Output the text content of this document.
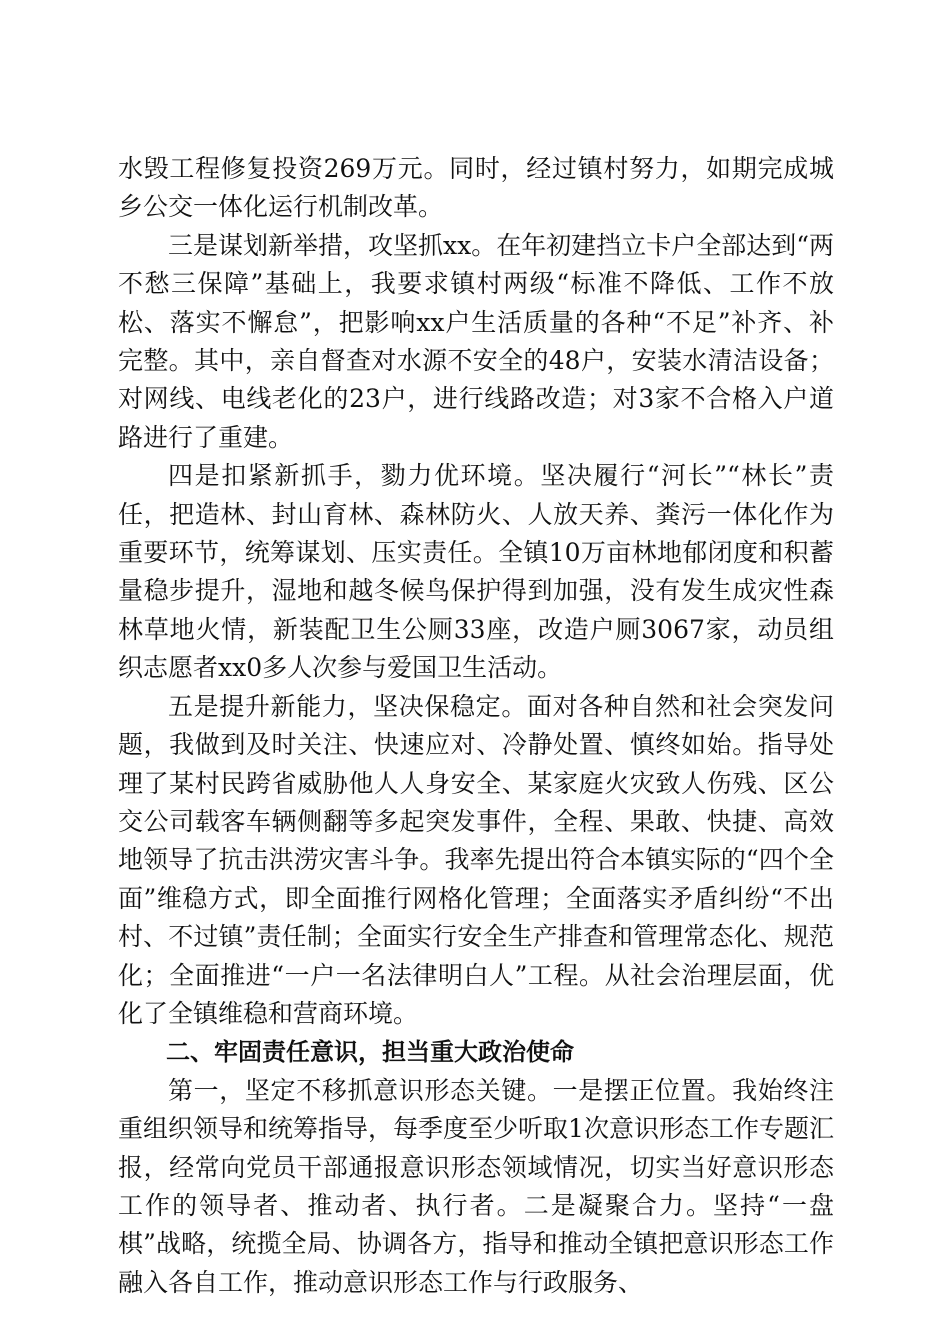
水毁工程修复投资269万元。同时，经过镇村努力，如期完成城乡公交一体化运行机制改革。

三是谋划新举措，攻坚抓xx。在年初建挡立卡户全部达到“两不愁三保障”基础上，我要求镇村两级“标准不降低、工作不放松、落实不懈怠”，把影响xx户生活质量的各种“不足”补齐、补完整。其中，亲自督查对水源不安全的48户，安装水清洁设备；对网线、电线老化的23户，进行线路改造；对3家不合格入户道路进行了重建。

四是扣紧新抓手，勠力优环境。坚决履行“河长”“林长”责任，把造林、封山育林、森林防火、人放天养、粪污一体化作为重要环节，统筹谋划、压实责任。全镇10万亩林地郁闭度和积蓄量稳步提升，湿地和越冬候鸟保护得到加强，没有发生成灾性森林草地火情，新装配卫生公厕33座，改造户厕3067家，动员组织志愿者xx0多人次参与爱国卫生活动。

五是提升新能力，坚决保稳定。面对各种自然和社会突发问题，我做到及时关注、快速应对、冷静处置、慎终如始。指导处理了某村民跨省威胁他人人身安全、某家庭火灾致人伤残、区公交公司载客车辆侧翻等多起突发事件，全程、果敢、快捷、高效地领导了抗击洪涝灾害斗争。我率先提出符合本镇实际的“四个全面”维稳方式，即全面推行网格化管理；全面落实矛盾纠纷“不出村、不过镇”责任制；全面实行安全生产排查和管理常态化、规范化；全面推进“一户一名法律明白人”工程。从社会治理层面，优化了全镇维稳和营商环境。

二、牢固责任意识，担当重大政治使命

第一，坚定不移抓意识形态关键。一是摆正位置。我始终注重组织领导和统筹指导，每季度至少听取1次意识形态工作专题汇报，经常向党员干部通报意识形态领域情况，切实当好意识形态工作的领导者、推动者、执行者。二是凝聚合力。坚持“一盘棋”战略，统揽全局、协调各方，指导和推动全镇把意识形态工作融入各自工作，推动意识形态工作与行政服务、
